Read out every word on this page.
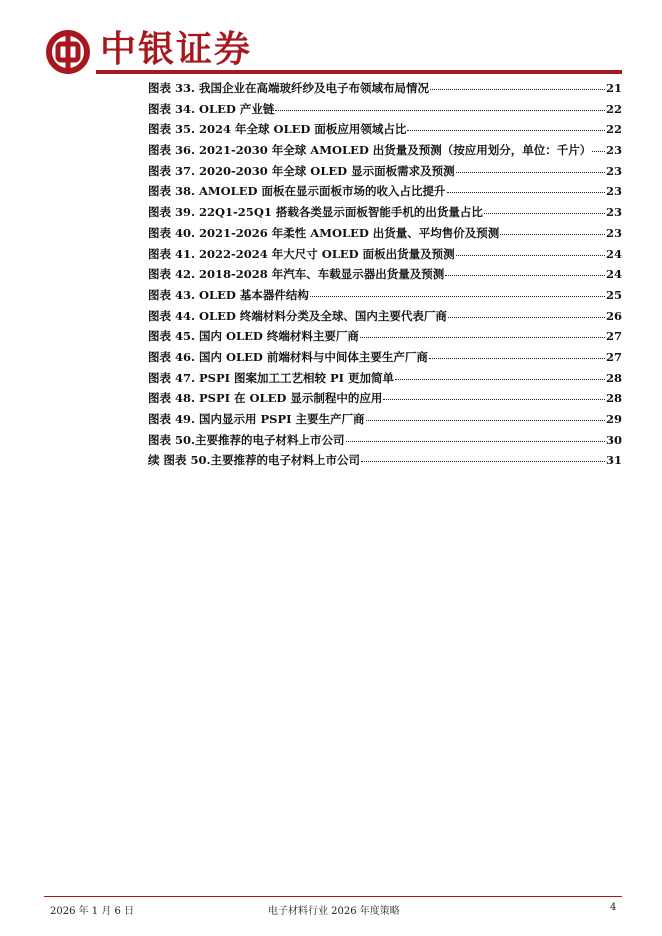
中银证券
图表 33. 我国企业在高端玻纤纱及电子布领域布局情况	21
图表 34. OLED 产业链	22
图表 35. 2024 年全球 OLED 面板应用领域占比	22
图表 36. 2021-2030 年全球 AMOLED 出货量及预测（按应用划分，单位：千片） 23
图表 37. 2020-2030 年全球 OLED 显示面板需求及预测	23
图表 38. AMOLED 面板在显示面板市场的收入占比提升	23
图表 39. 22Q1-25Q1 搭载各类显示面板智能手机的出货量占比	23
图表 40. 2021-2026 年柔性 AMOLED 出货量、平均售价及预测	23
图表 41. 2022-2024 年大尺寸 OLED 面板出货量及预测	24
图表 42. 2018-2028 年汽车、车载显示器出货量及预测	24
图表 43. OLED 基本器件结构	25
图表 44. OLED 终端材料分类及全球、国内主要代表厂商	26
图表 45. 国内 OLED 终端材料主要厂商	27
图表 46. 国内 OLED 前端材料与中间体主要生产厂商	27
图表 47. PSPI 图案加工工艺相较 PI 更加简单	28
图表 48. PSPI 在 OLED 显示制程中的应用	28
图表 49. 国内显示用 PSPI 主要生产厂商	29
图表 50.主要推荐的电子材料上市公司	30
续 图表 50.主要推荐的电子材料上市公司	31
2026 年 1 月 6 日	电子材料行业 2026 年度策略	4
